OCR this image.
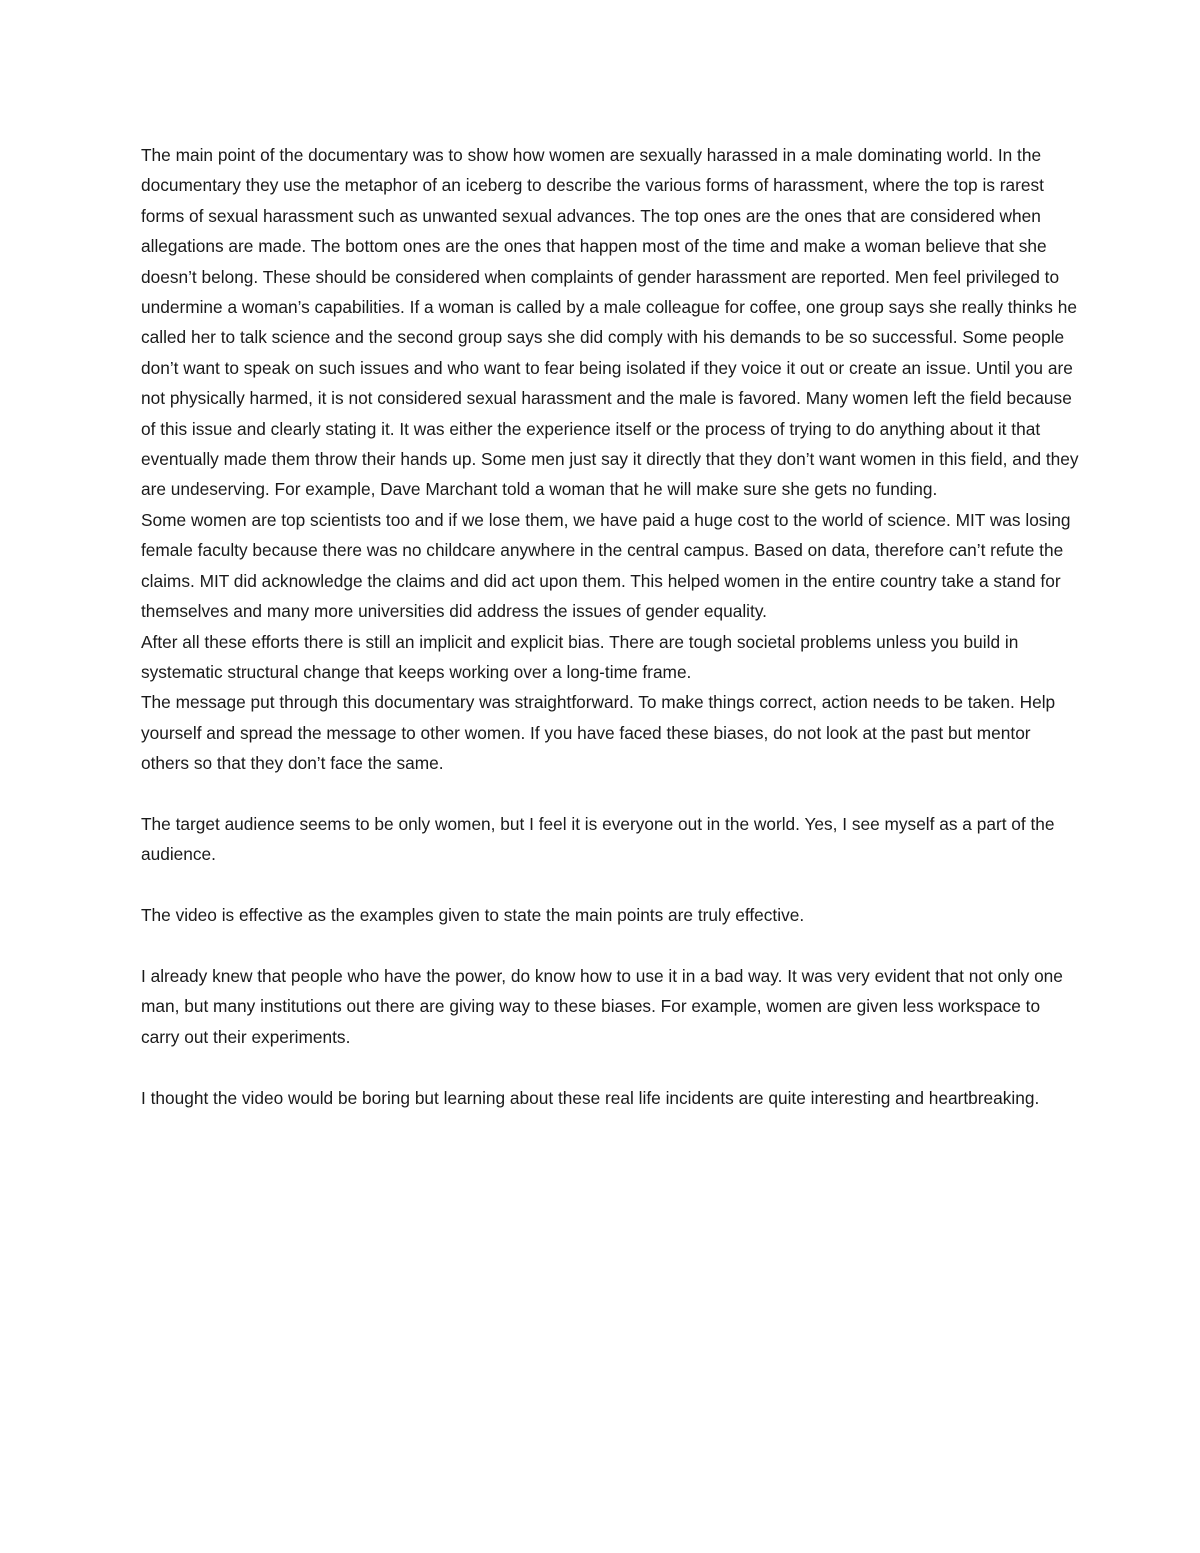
The main point of the documentary was to show how women are sexually harassed in a male dominating world. In the documentary they use the metaphor of an iceberg to describe the various forms of harassment, where the top is rarest forms of sexual harassment such as unwanted sexual advances. The top ones are the ones that are considered when allegations are made. The bottom ones are the ones that happen most of the time and make a woman believe that she doesn’t belong. These should be considered when complaints of gender harassment are reported. Men feel privileged to undermine a woman’s capabilities. If a woman is called by a male colleague for coffee, one group says she really thinks he called her to talk science and the second group says she did comply with his demands to be so successful. Some people don’t want to speak on such issues and who want to fear being isolated if they voice it out or create an issue. Until you are not physically harmed, it is not considered sexual harassment and the male is favored. Many women left the field because of this issue and clearly stating it. It was either the experience itself or the process of trying to do anything about it that eventually made them throw their hands up. Some men just say it directly that they don’t want women in this field, and they are undeserving. For example, Dave Marchant told a woman that he will make sure she gets no funding.

Some women are top scientists too and if we lose them, we have paid a huge cost to the world of science. MIT was losing female faculty because there was no childcare anywhere in the central campus. Based on data, therefore can’t refute the claims. MIT did acknowledge the claims and did act upon them. This helped women in the entire country take a stand for themselves and many more universities did address the issues of gender equality.

After all these efforts there is still an implicit and explicit bias. There are tough societal problems unless you build in systematic structural change that keeps working over a long-time frame.

The message put through this documentary was straightforward. To make things correct, action needs to be taken. Help yourself and spread the message to other women. If you have faced these biases, do not look at the past but mentor others so that they don’t face the same.

The target audience seems to be only women, but I feel it is everyone out in the world. Yes, I see myself as a part of the audience.

The video is effective as the examples given to state the main points are truly effective.

I already knew that people who have the power, do know how to use it in a bad way. It was very evident that not only one man, but many institutions out there are giving way to these biases. For example, women are given less workspace to carry out their experiments.

I thought the video would be boring but learning about these real life incidents are quite interesting and heartbreaking.
